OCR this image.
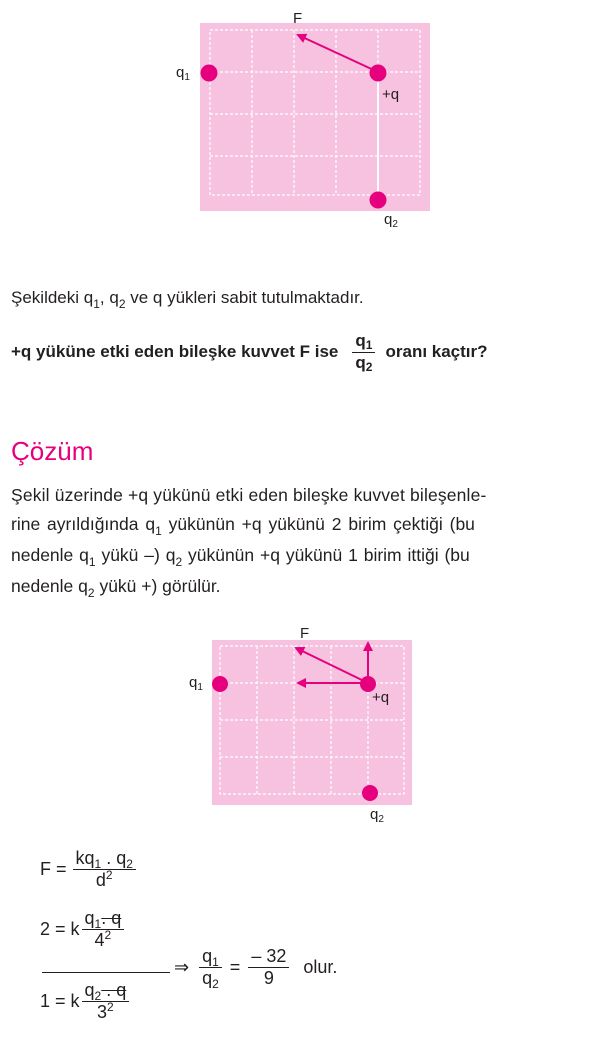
F
$q_1$
+q
$q_2$
Şekildeki $q_1$, $q_2$ ve q yükleri sabit tutulmaktadır.
+q yüküne etki eden bileşke kuvvet F ise $\frac{q1}{q2}$ oranı kaçtır?
Çözüm
Şekil üzerinde +q yükünü etki eden bileşke kuvvet bileşenle-
rine ayrıldığında $q_1$ yükünün +q yükünü 2 birim çektiği (bu
nedenle $q_1$ yükü –) $q_2$ yükünün +q yükünü 1 birim ittiği (bu
nedenle $q_2$ yükü +) görülür.
F
$q_1$
+q
$q_2$
$F = \frac{kq_1 . q_2}{d^2}$
2 = k $\frac{q_1. q}{4^2}$
1 = k $\frac{q_2 . q}{3^2}$
⇒ $\frac{q_1}{q_2} = \frac{- 32}{9}$ olur.
